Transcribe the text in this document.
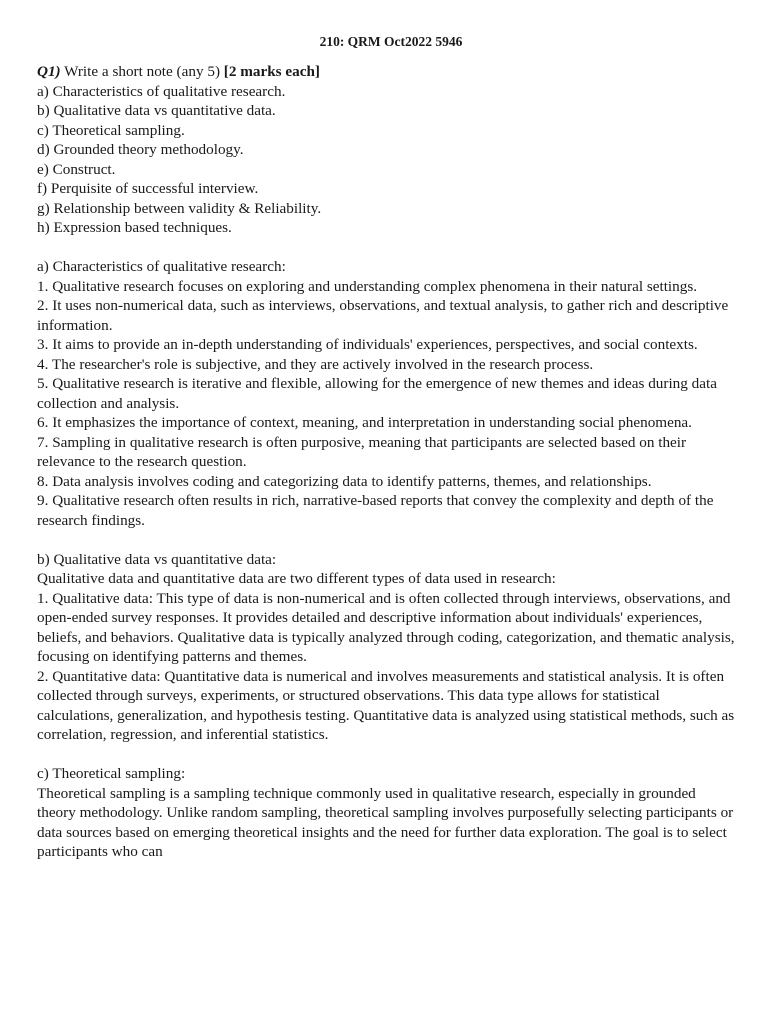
210: QRM Oct2022 5946

Q1) Write a short note (any 5) [2 marks each]

a) Characteristics of qualitative research.

b) Qualitative data vs quantitative data.

c) Theoretical sampling.

d) Grounded theory methodology.

e) Construct.

f) Perquisite of successful interview.

g) Relationship between validity & Reliability.

h) Expression based techniques.

a) Characteristics of qualitative research:

1. Qualitative research focuses on exploring and understanding complex phenomena in their natural settings.

2. It uses non-numerical data, such as interviews, observations, and textual analysis, to gather rich and descriptive information.

3. It aims to provide an in-depth understanding of individuals' experiences, perspectives, and social contexts.

4. The researcher's role is subjective, and they are actively involved in the research process.

5. Qualitative research is iterative and flexible, allowing for the emergence of new themes and ideas during data collection and analysis.

6. It emphasizes the importance of context, meaning, and interpretation in understanding social phenomena.

7. Sampling in qualitative research is often purposive, meaning that participants are selected based on their relevance to the research question.

8. Data analysis involves coding and categorizing data to identify patterns, themes, and relationships.

9. Qualitative research often results in rich, narrative-based reports that convey the complexity and depth of the research findings.

b) Qualitative data vs quantitative data:

Qualitative data and quantitative data are two different types of data used in research:

1. Qualitative data: This type of data is non-numerical and is often collected through interviews, observations, and open-ended survey responses. It provides detailed and descriptive information about individuals' experiences, beliefs, and behaviors. Qualitative data is typically analyzed through coding, categorization, and thematic analysis, focusing on identifying patterns and themes.

2. Quantitative data: Quantitative data is numerical and involves measurements and statistical analysis. It is often collected through surveys, experiments, or structured observations. This data type allows for statistical calculations, generalization, and hypothesis testing. Quantitative data is analyzed using statistical methods, such as correlation, regression, and inferential statistics.

c) Theoretical sampling:

Theoretical sampling is a sampling technique commonly used in qualitative research, especially in grounded theory methodology. Unlike random sampling, theoretical sampling involves purposefully selecting participants or data sources based on emerging theoretical insights and the need for further data exploration. The goal is to select participants who can
